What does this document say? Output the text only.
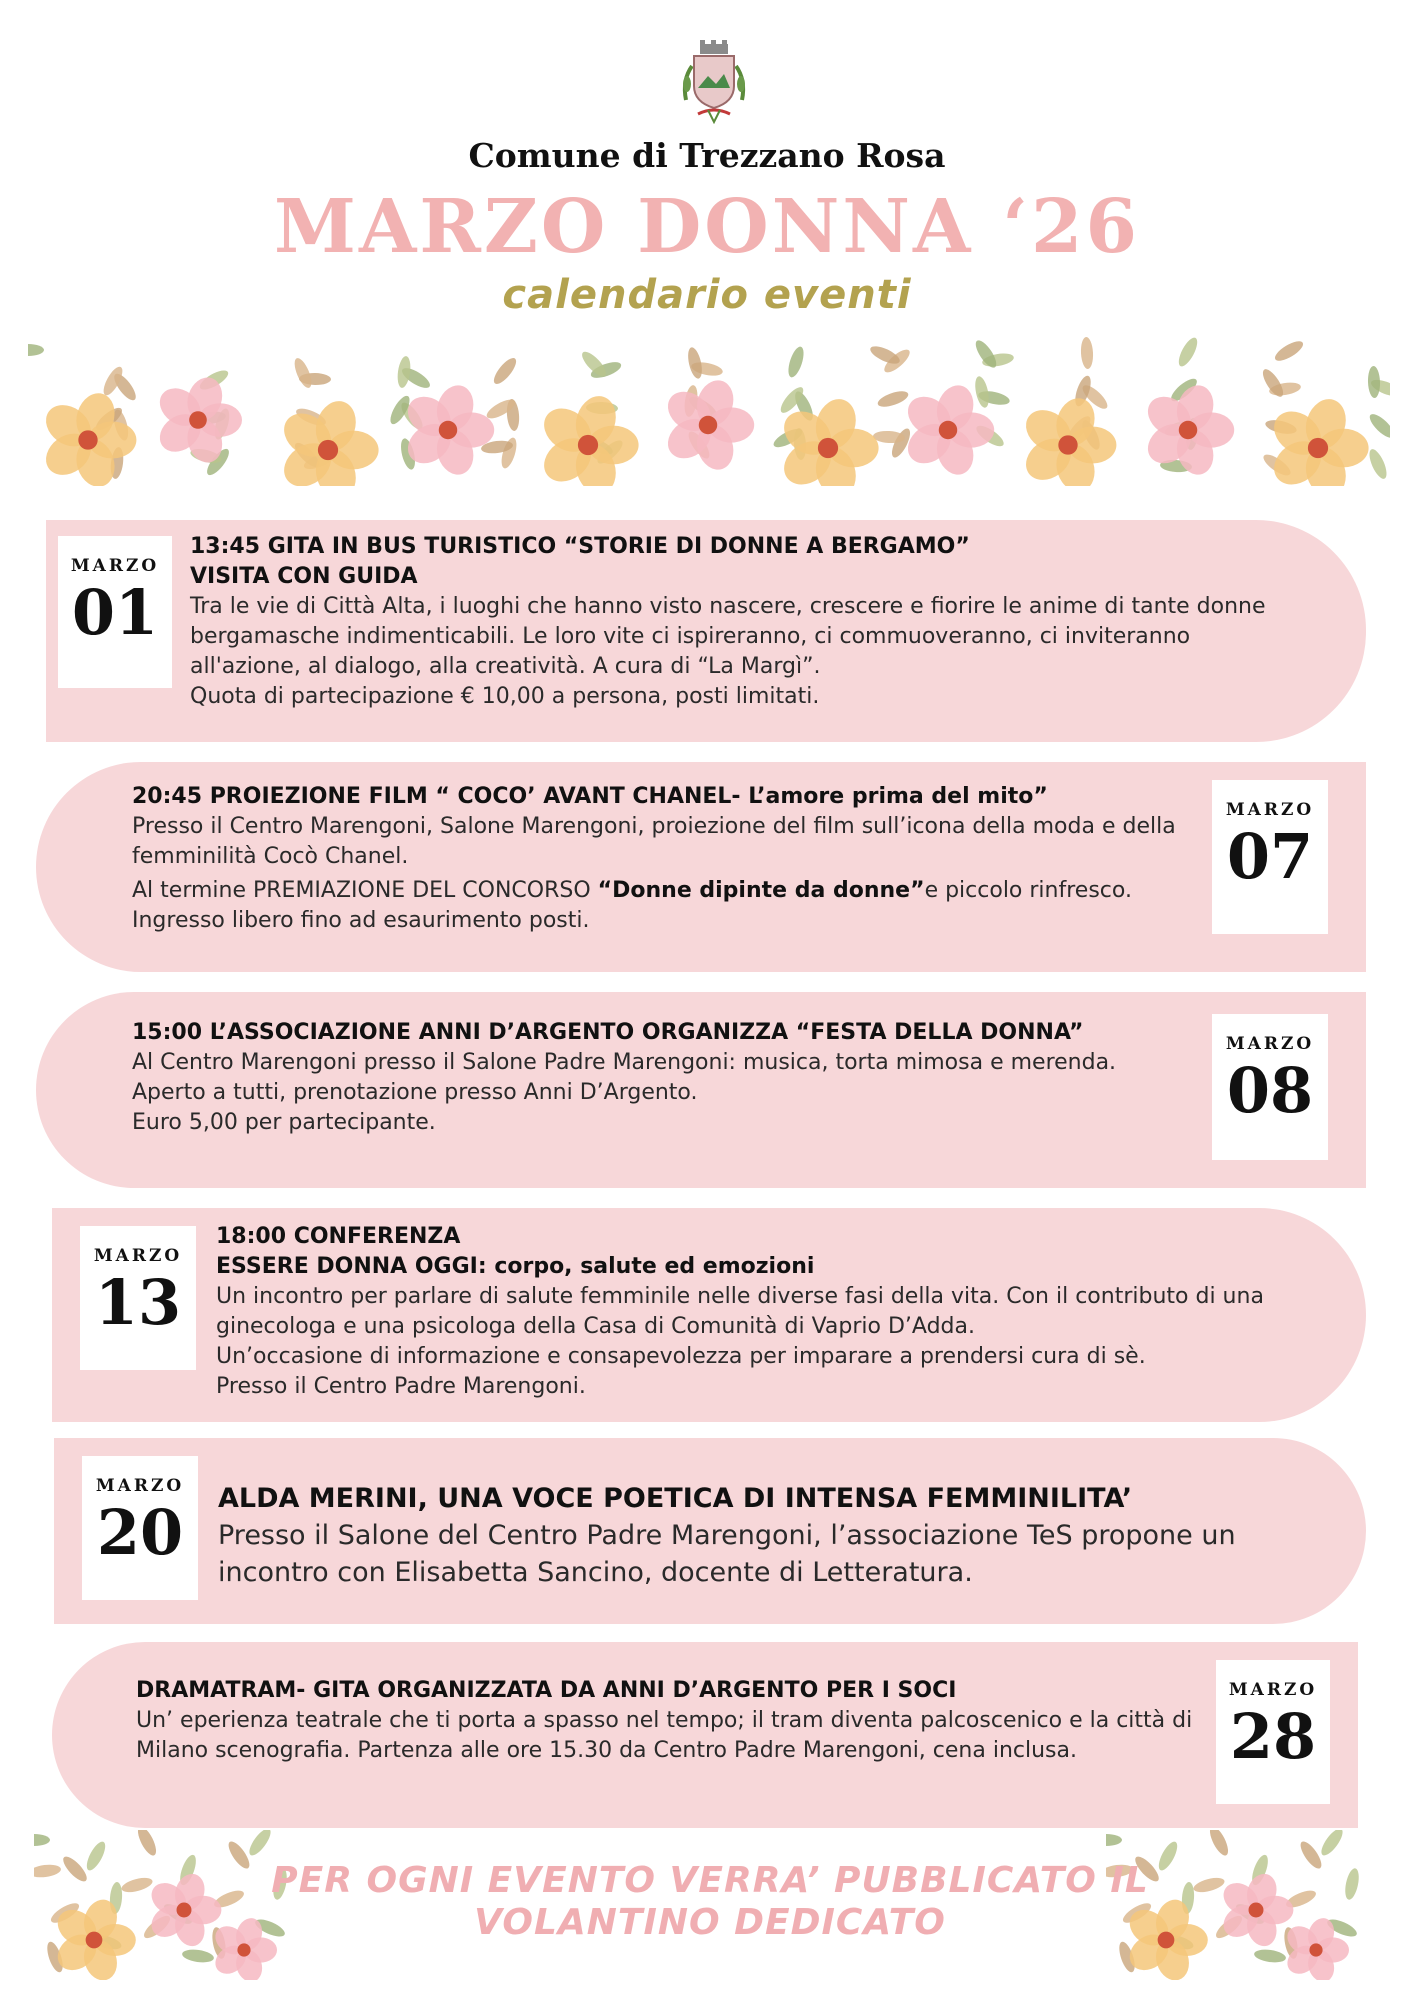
Comune di Trezzano Rosa
MARZO DONNA ‘26
calendario eventi
MARZO
01

13:45 GITA IN BUS TURISTICO “STORIE DI DONNE A BERGAMO”

VISITA CON GUIDA

Tra le vie di Città Alta, i luoghi che hanno visto nascere, crescere e fiorire le anime di tante donne bergamasche indimenticabili. Le loro vite ci ispireranno, ci commuoveranno, ci inviteranno all'azione, al dialogo, alla creatività. A cura di “La Margì”.

Quota di partecipazione € 10,00 a persona, posti limitati.

MARZO
07

20:45 PROIEZIONE FILM “ COCO’ AVANT CHANEL- L’amore prima del mito”

Presso il Centro Marengoni, Salone Marengoni, proiezione del film sull’icona della moda e della femminilità Cocò Chanel.

Al termine PREMIAZIONE DEL CONCORSO “Donne dipinte da donne”e piccolo rinfresco. Ingresso libero fino ad esaurimento posti.

MARZO
08

15:00 L’ASSOCIAZIONE ANNI D’ARGENTO ORGANIZZA “FESTA DELLA DONNA”

Al Centro Marengoni presso il Salone Padre Marengoni: musica, torta mimosa e merenda. Aperto a tutti, prenotazione presso Anni D’Argento.

Euro 5,00 per partecipante.

MARZO
13

18:00 CONFERENZA

ESSERE DONNA OGGI: corpo, salute ed emozioni

Un incontro per parlare di salute femminile nelle diverse fasi della vita. Con il contributo di una ginecologa e una psicologa della Casa di Comunità di Vaprio D’Adda.

Un’occasione di informazione e consapevolezza per imparare a prendersi cura di sè.

Presso il Centro Padre Marengoni.

MARZO
20	ALDA MERINI, UNA VOCE POETICA DI INTENSA FEMMINILITA’

Presso il Salone del Centro Padre Marengoni, l’associazione TeS propone un incontro con Elisabetta Sancino, docente di Letteratura.

MARZO
28

DRAMATRAM- GITA ORGANIZZATA DA ANNI D’ARGENTO PER I SOCI

Un’ eperienza teatrale che ti porta a spasso nel tempo; il tram diventa palcoscenico e la città di Milano scenografia. Partenza alle ore 15.30 da Centro Padre Marengoni, cena inclusa.

PER OGNI EVENTO VERRA’ PUBBLICATO IL
VOLANTINO DEDICATO
